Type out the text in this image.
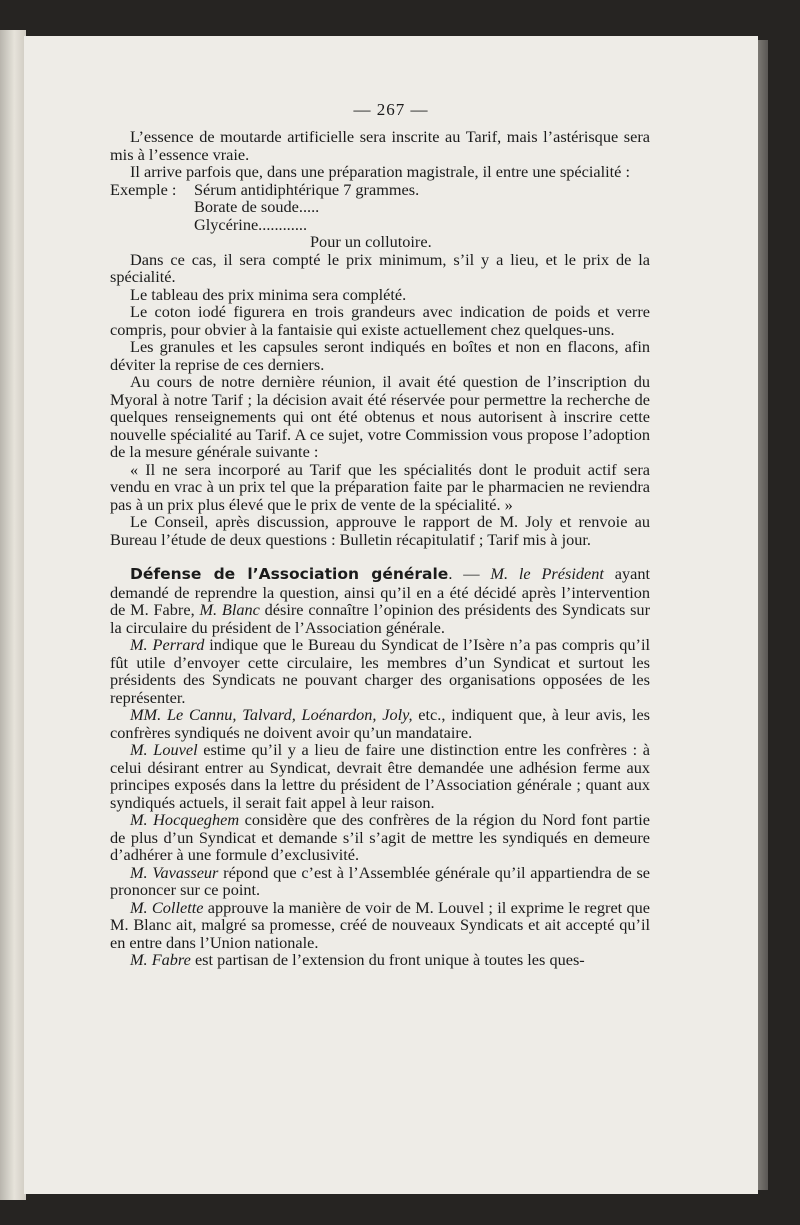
— 267 —

L’essence de moutarde artificielle sera inscrite au Tarif, mais l’astérisque sera mis à l’essence vraie.

Il arrive parfois que, dans une préparation magistrale, il entre une spécialité :

Exemple : Sérum antidiphtérique 7 grammes.
Borate de soude.....
Glycérine............
Pour un collutoire.

Dans ce cas, il sera compté le prix minimum, s’il y a lieu, et le prix de la spécialité.

Le tableau des prix minima sera complété.

Le coton iodé figurera en trois grandeurs avec indication de poids et verre compris, pour obvier à la fantaisie qui existe actuellement chez quelques-uns.

Les granules et les capsules seront indiqués en boîtes et non en flacons, afin déviter la reprise de ces derniers.

Au cours de notre dernière réunion, il avait été question de l’inscription du Myoral à notre Tarif ; la décision avait été réservée pour permettre la recherche de quelques renseignements qui ont été obtenus et nous autorisent à inscrire cette nouvelle spécialité au Tarif. A ce sujet, votre Commission vous propose l’adoption de la mesure générale suivante :

« Il ne sera incorporé au Tarif que les spécialités dont le produit actif sera vendu en vrac à un prix tel que la préparation faite par le pharmacien ne reviendra pas à un prix plus élevé que le prix de vente de la spécialité. »

Le Conseil, après discussion, approuve le rapport de M. Joly et renvoie au Bureau l’étude de deux questions : Bulletin récapitulatif ; Tarif mis à jour.

Défense de l’Association générale. — M. le Président ayant demandé de reprendre la question, ainsi qu’il en a été décidé après l’intervention de M. Fabre, M. Blanc désire connaître l’opinion des présidents des Syndicats sur la circulaire du président de l’Association générale.

M. Perrard indique que le Bureau du Syndicat de l’Isère n’a pas compris qu’il fût utile d’envoyer cette circulaire, les membres d’un Syndicat et surtout les présidents des Syndicats ne pouvant charger des organisations opposées de les représenter.

MM. Le Cannu, Talvard, Loénardon, Joly, etc., indiquent que, à leur avis, les confrères syndiqués ne doivent avoir qu’un mandataire.

M. Louvel estime qu’il y a lieu de faire une distinction entre les confrères : à celui désirant entrer au Syndicat, devrait être demandée une adhésion ferme aux principes exposés dans la lettre du président de l’Association générale ; quant aux syndiqués actuels, il serait fait appel à leur raison.

M. Hocqueghem considère que des confrères de la région du Nord font partie de plus d’un Syndicat et demande s’il s’agit de mettre les syndiqués en demeure d’adhérer à une formule d’exclusivité.

M. Vavasseur répond que c’est à l’Assemblée générale qu’il appartiendra de se prononcer sur ce point.

M. Collette approuve la manière de voir de M. Louvel ; il exprime le regret que M. Blanc ait, malgré sa promesse, créé de nouveaux Syndicats et ait accepté qu’il en entre dans l’Union nationale.

M. Fabre est partisan de l’extension du front unique à toutes les ques-
